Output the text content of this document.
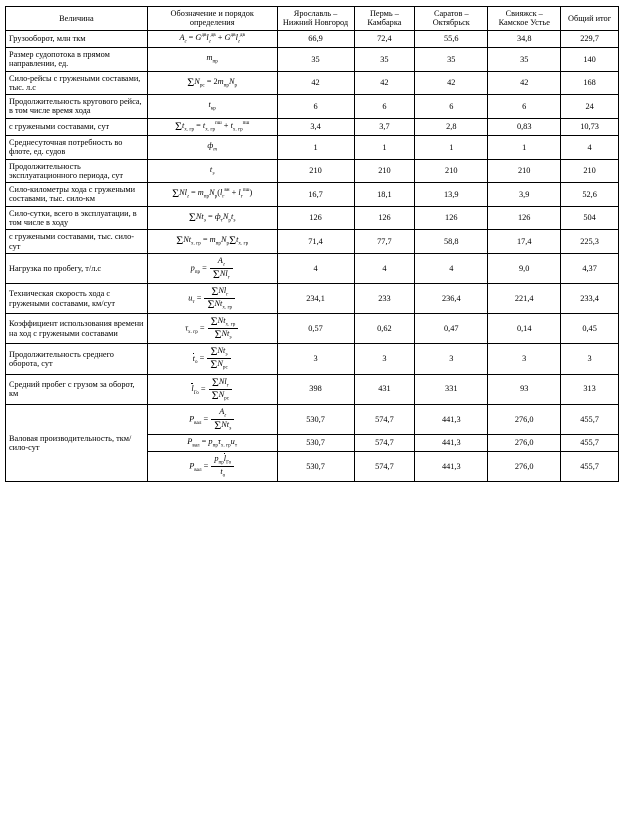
Величина	Обозначение и порядок определения	Ярославль – Нижний Новгород	Пермь – Камбарка	Саратов – Октябрьск	Свияжск – Камское Устье	Общий итог
Грузооборот, млн ткм	$A_г = G^{дв}l_г^{дв} + G^{дв}l_г^{дв}$	66,9	72,4	55,6	34,8	229,7
Размер судопотока в прямом направлении, ед.	$m_{пр}$	35	35	35	35	140
Сило-рейсы с гружеными составами, тыс. л.с	$\Sigma N_{рс} = 2m_{пр}N_р$	42	42	42	42	168
Продолжительность кругового рейса, в том числе время хода	$t_{кр}$	6	6	6	6	24
с гружеными составами, сут	$\Sigma t_{х. гр} = t_{х. гр}^{пш} + t_{х. гр}^{пш}$	3,4	3,7	2,8	0,83	10,73
Среднесуточная потребность во флоте, ед. судов	$ф_т$	1	1	1	1	4
Продолжительность эксплуатационного периода, сут	$t_э$	210	210	210	210	210
Сило-километры хода с гружеными составами, тыс. сило-км	$\Sigma Nl_г = m_{пр}N_р(l_г^{вн} + l_г^{пш})$	16,7	18,1	13,9	3,9	52,6
Сило-сутки, всего в эксплуатации, в том числе в ходу	$\Sigma Nt_э = ф_тN_рt_э$	126	126	126	126	504
с гружеными составами, тыс. сило-сут	$\Sigma Nt_{х. гр} = m_{пр}N_р\Sigma t_{х. гр}$	71,4	77,7	58,8	17,4	225,3
Нагрузка по пробегу, т/л.с	$p_{пр} = \frac{A_г}{\Sigma Nl_г}$	4	4	4	9,0	4,37
Техническая скорость хода с гружеными составами, км/сут	$u_т = \frac{\Sigma Nl_г}{\Sigma Nt_{х. гр}}$	234,1	233	236,4	221,4	233,4
Коэффициент использования времени на ход с гружеными составами	$\tau_{х. гр} = \frac{\Sigma Nt_{х. гр}}{\Sigma Nt_э}$	0,57	0,62	0,47	0,14	0,45
Продолжительность среднего оборота, сут	$t_о = \frac{\Sigma Nt_э}{\Sigma N_{рс}}$	3	3	3	3	3
Средний пробег с грузом за оборот, км	$l_{Го} = \frac{\Sigma Nl_г}{\Sigma N_{рс}}$	398	431	331	93	313
Валовая производительность, ткм/сило-сут	$P_{вал} = \frac{A_г}{\Sigma Nt_э}$	530,7	574,7	441,3	276,0	455,7
	$P_{вал} = p_{пр}\tau_{х. гр}u_т$	530,7	574,7	441,3	276,0	455,7
	$P_{вал} = \frac{p_{пр}l_{Го}}{t_о}$	530,7	574,7	441,3	276,0	455,7
